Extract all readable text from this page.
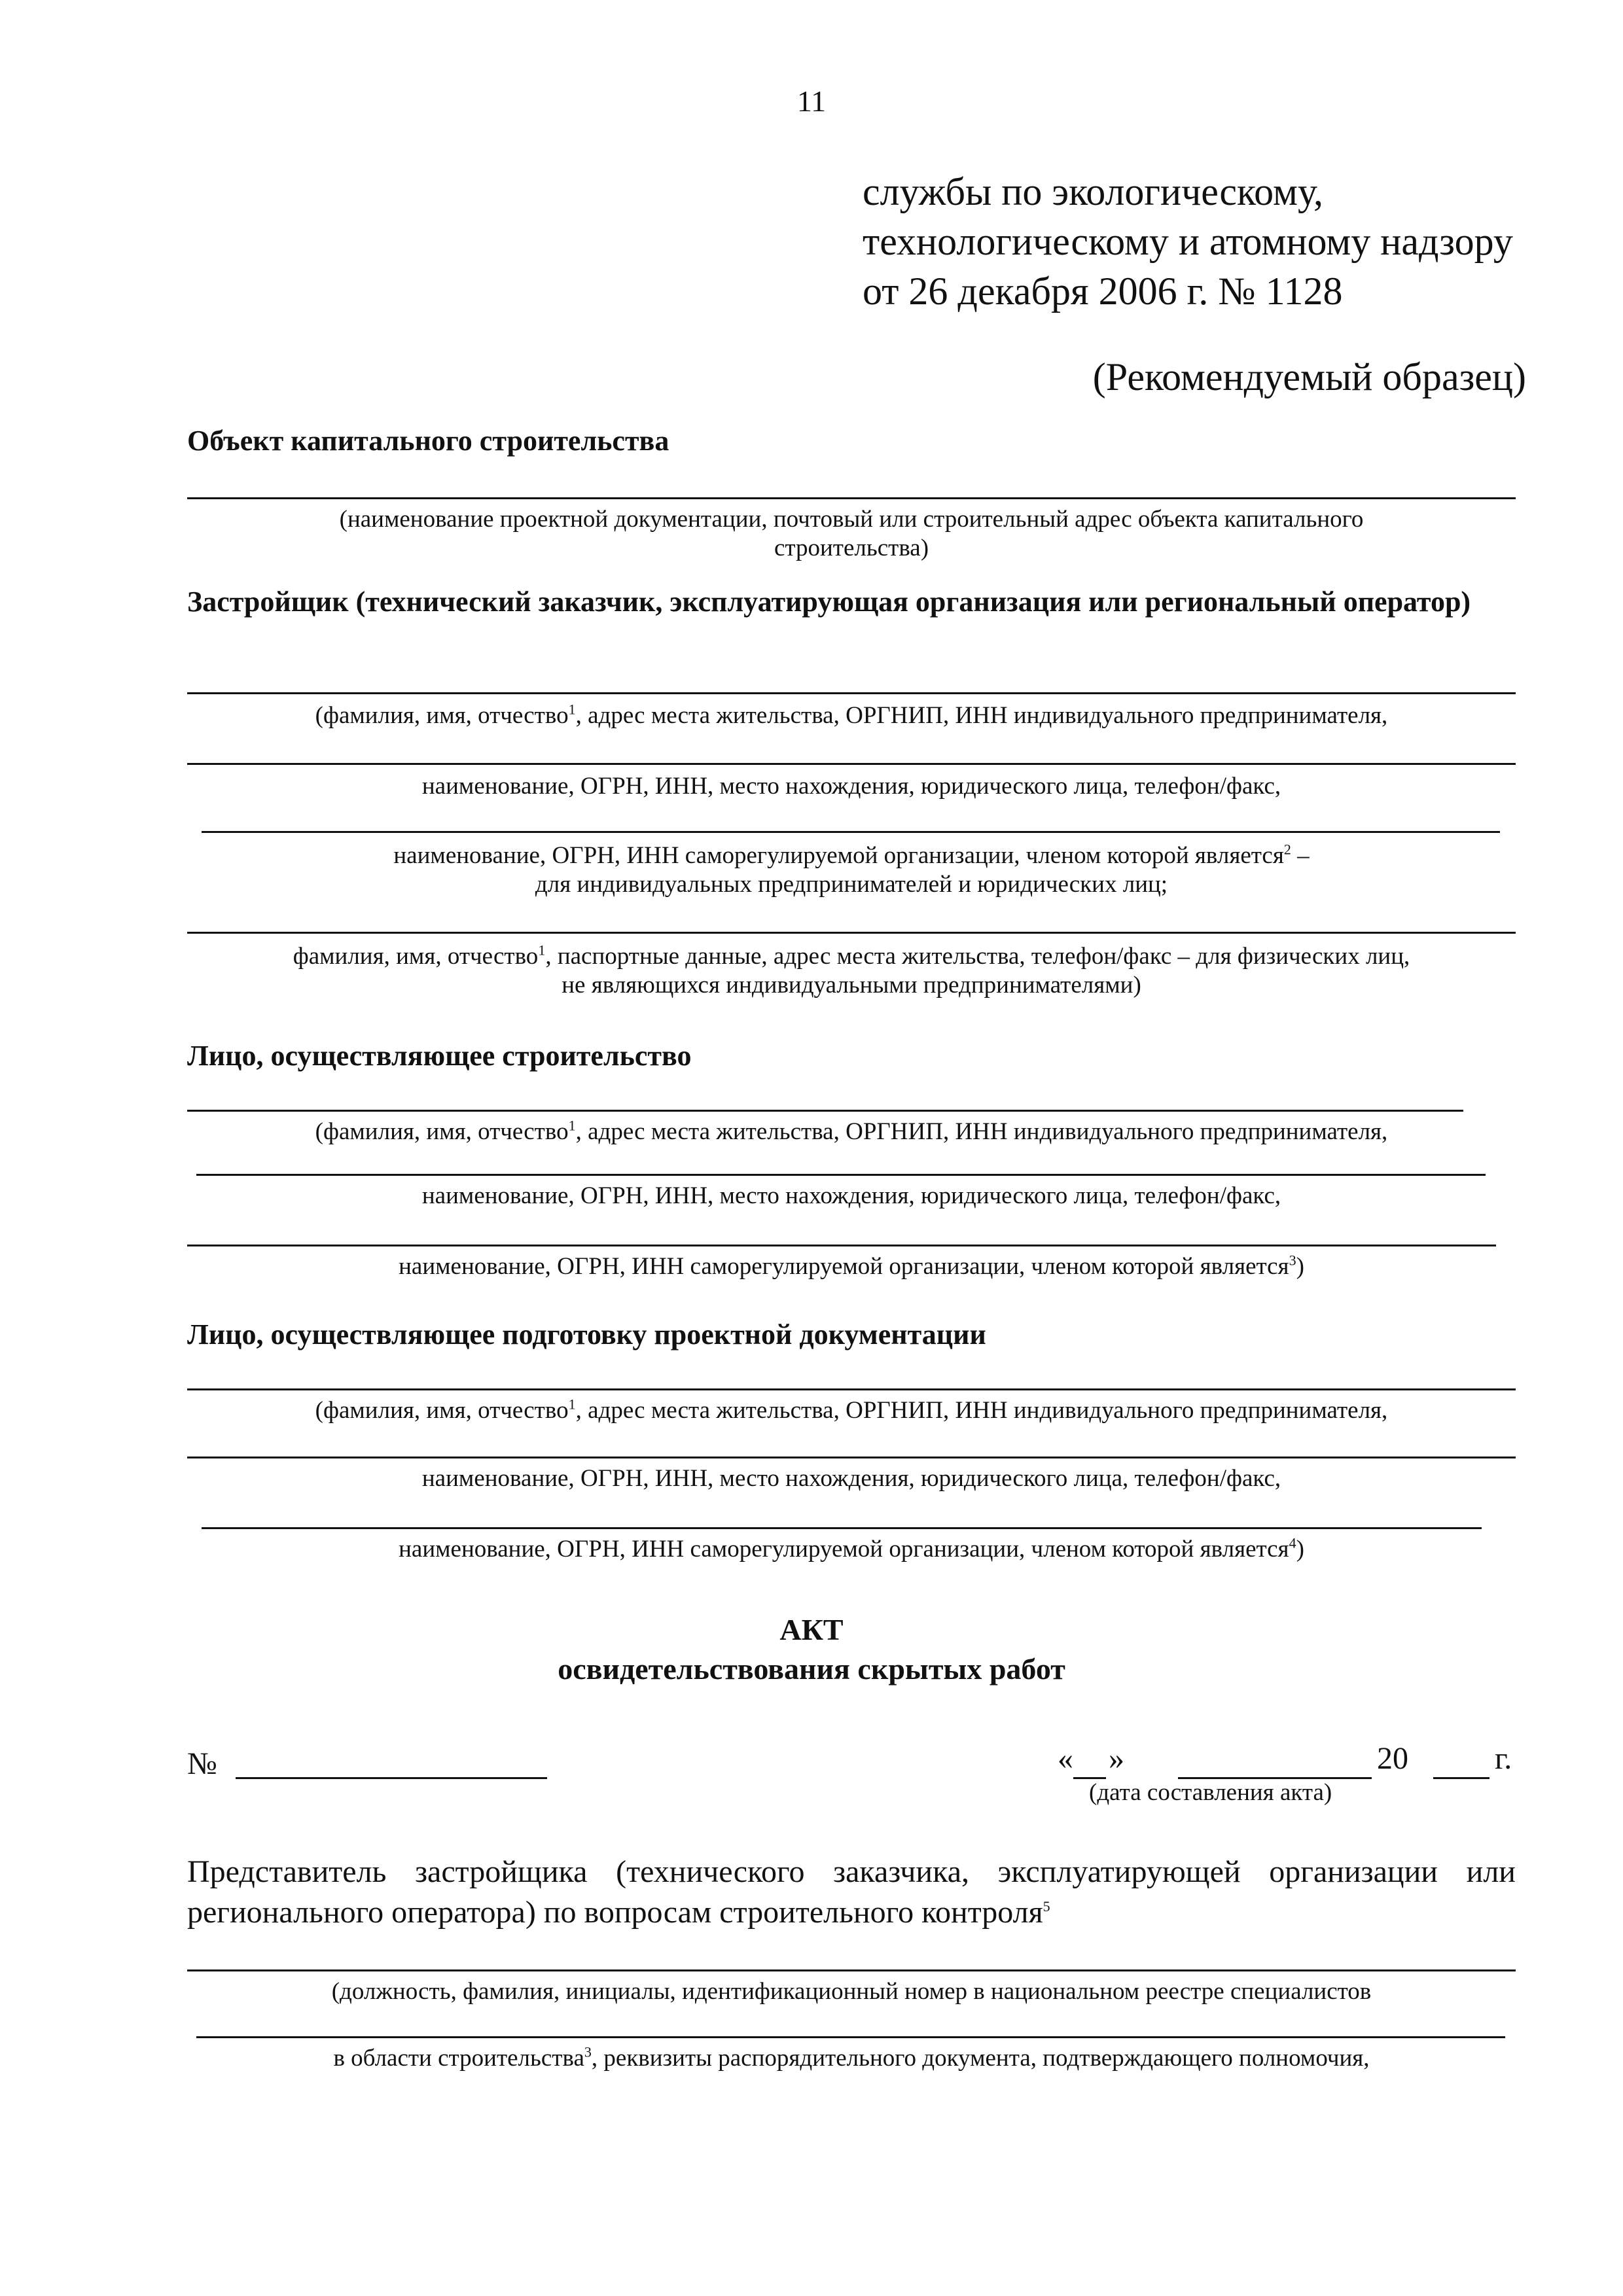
11
службы по экологическому,
технологическому и атомному надзору
от 26 декабря 2006 г. № 1128
(Рекомендуемый образец)
Объект капитального строительства
(наименование проектной документации, почтовый или строительный адрес объекта капитального
строительства)
Застройщик (технический заказчик, эксплуатирующая организация или региональный оператор)
(фамилия, имя, отчество$^1$, адрес места жительства, ОРГНИП, ИНН индивидуального предпринимателя,
наименование, ОГРН, ИНН, место нахождения, юридического лица, телефон/факс,
наименование, ОГРН, ИНН саморегулируемой организации, членом которой является$^2$ –
для индивидуальных предпринимателей и юридических лиц;
фамилия, имя, отчество$^1$, паспортные данные, адрес места жительства, телефон/факс – для физических лиц,
не являющихся индивидуальными предпринимателями)
Лицо, осуществляющее строительство
(фамилия, имя, отчество$^1$, адрес места жительства, ОРГНИП, ИНН индивидуального предпринимателя,
наименование, ОГРН, ИНН, место нахождения, юридического лица, телефон/факс,
наименование, ОГРН, ИНН саморегулируемой организации, членом которой является$^3$)
Лицо, осуществляющее подготовку проектной документации
(фамилия, имя, отчество$^1$, адрес места жительства, ОРГНИП, ИНН индивидуального предпринимателя,
наименование, ОГРН, ИНН, место нахождения, юридического лица, телефон/факс,
наименование, ОГРН, ИНН саморегулируемой организации, членом которой является$^4$)
АКТ
освидетельствования скрытых работ
№	« »	20	г.
(дата составления акта)
Представитель застройщика (технического заказчика, эксплуатирующей организации или регионального оператора) по вопросам строительного контроля$^5$
(должность, фамилия, инициалы, идентификационный номер в национальном реестре специалистов
в области строительства$^3$, реквизиты распорядительного документа, подтверждающего полномочия,
